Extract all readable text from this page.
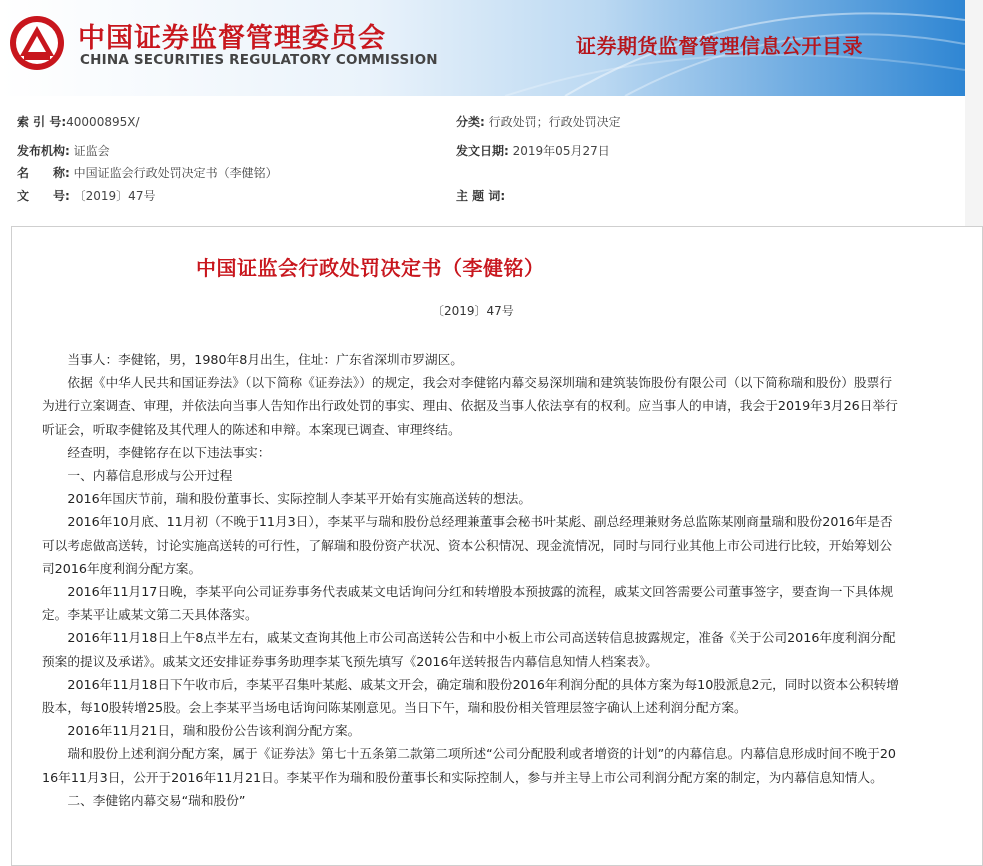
中国证券监督管理委员会
CHINA SECURITIES REGULATORY COMMISSION
证券期货监督管理信息公开目录
索 引 号:40000895X/	分类: 行政处罚；行政处罚决定
发布机构: 证监会	发文日期: 2019年05月27日
名　　称: 中国证监会行政处罚决定书（李健铭）
文　　号: 〔2019〕47号	主 题 词:
中国证监会行政处罚决定书（李健铭）
〔2019〕47号

当事人：李健铭，男，1980年8月出生，住址：广东省深圳市罗湖区。

依据《中华人民共和国证券法》（以下简称《证券法》）的规定，我会对李健铭内幕交易深圳瑞和建筑装饰股份有限公司（以下简称瑞和股份）股票行为进行立案调查、审理，并依法向当事人告知作出行政处罚的事实、理由、依据及当事人依法享有的权利。应当事人的申请，我会于2019年3月26日举行听证会，听取李健铭及其代理人的陈述和申辩。本案现已调查、审理终结。

经查明，李健铭存在以下违法事实：

一、内幕信息形成与公开过程

2016年国庆节前，瑞和股份董事长、实际控制人李某平开始有实施高送转的想法。

2016年10月底、11月初（不晚于11月3日），李某平与瑞和股份总经理兼董事会秘书叶某彪、副总经理兼财务总监陈某刚商量瑞和股份2016年是否可以考虑做高送转，讨论实施高送转的可行性，了解瑞和股份资产状况、资本公积情况、现金流情况，同时与同行业其他上市公司进行比较，开始筹划公司2016年度利润分配方案。

2016年11月17日晚，李某平向公司证券事务代表戚某文电话询问分红和转增股本预披露的流程，戚某文回答需要公司董事签字，要查询一下具体规定。李某平让戚某文第二天具体落实。

2016年11月18日上午8点半左右，戚某文查询其他上市公司高送转公告和中小板上市公司高送转信息披露规定，准备《关于公司2016年度利润分配预案的提议及承诺》。戚某文还安排证券事务助理李某飞预先填写《2016年送转报告内幕信息知情人档案表》。

2016年11月18日下午收市后，李某平召集叶某彪、戚某文开会，确定瑞和股份2016年利润分配的具体方案为每10股派息2元，同时以资本公积转增股本，每10股转增25股。会上李某平当场电话询问陈某刚意见。当日下午，瑞和股份相关管理层签字确认上述利润分配方案。

2016年11月21日，瑞和股份公告该利润分配方案。

瑞和股份上述利润分配方案，属于《证券法》第七十五条第二款第二项所述“公司分配股利或者增资的计划”的内幕信息。内幕信息形成时间不晚于2016年11月3日，公开于2016年11月21日。李某平作为瑞和股份董事长和实际控制人，参与并主导上市公司利润分配方案的制定，为内幕信息知情人。

二、李健铭内幕交易“瑞和股份”
